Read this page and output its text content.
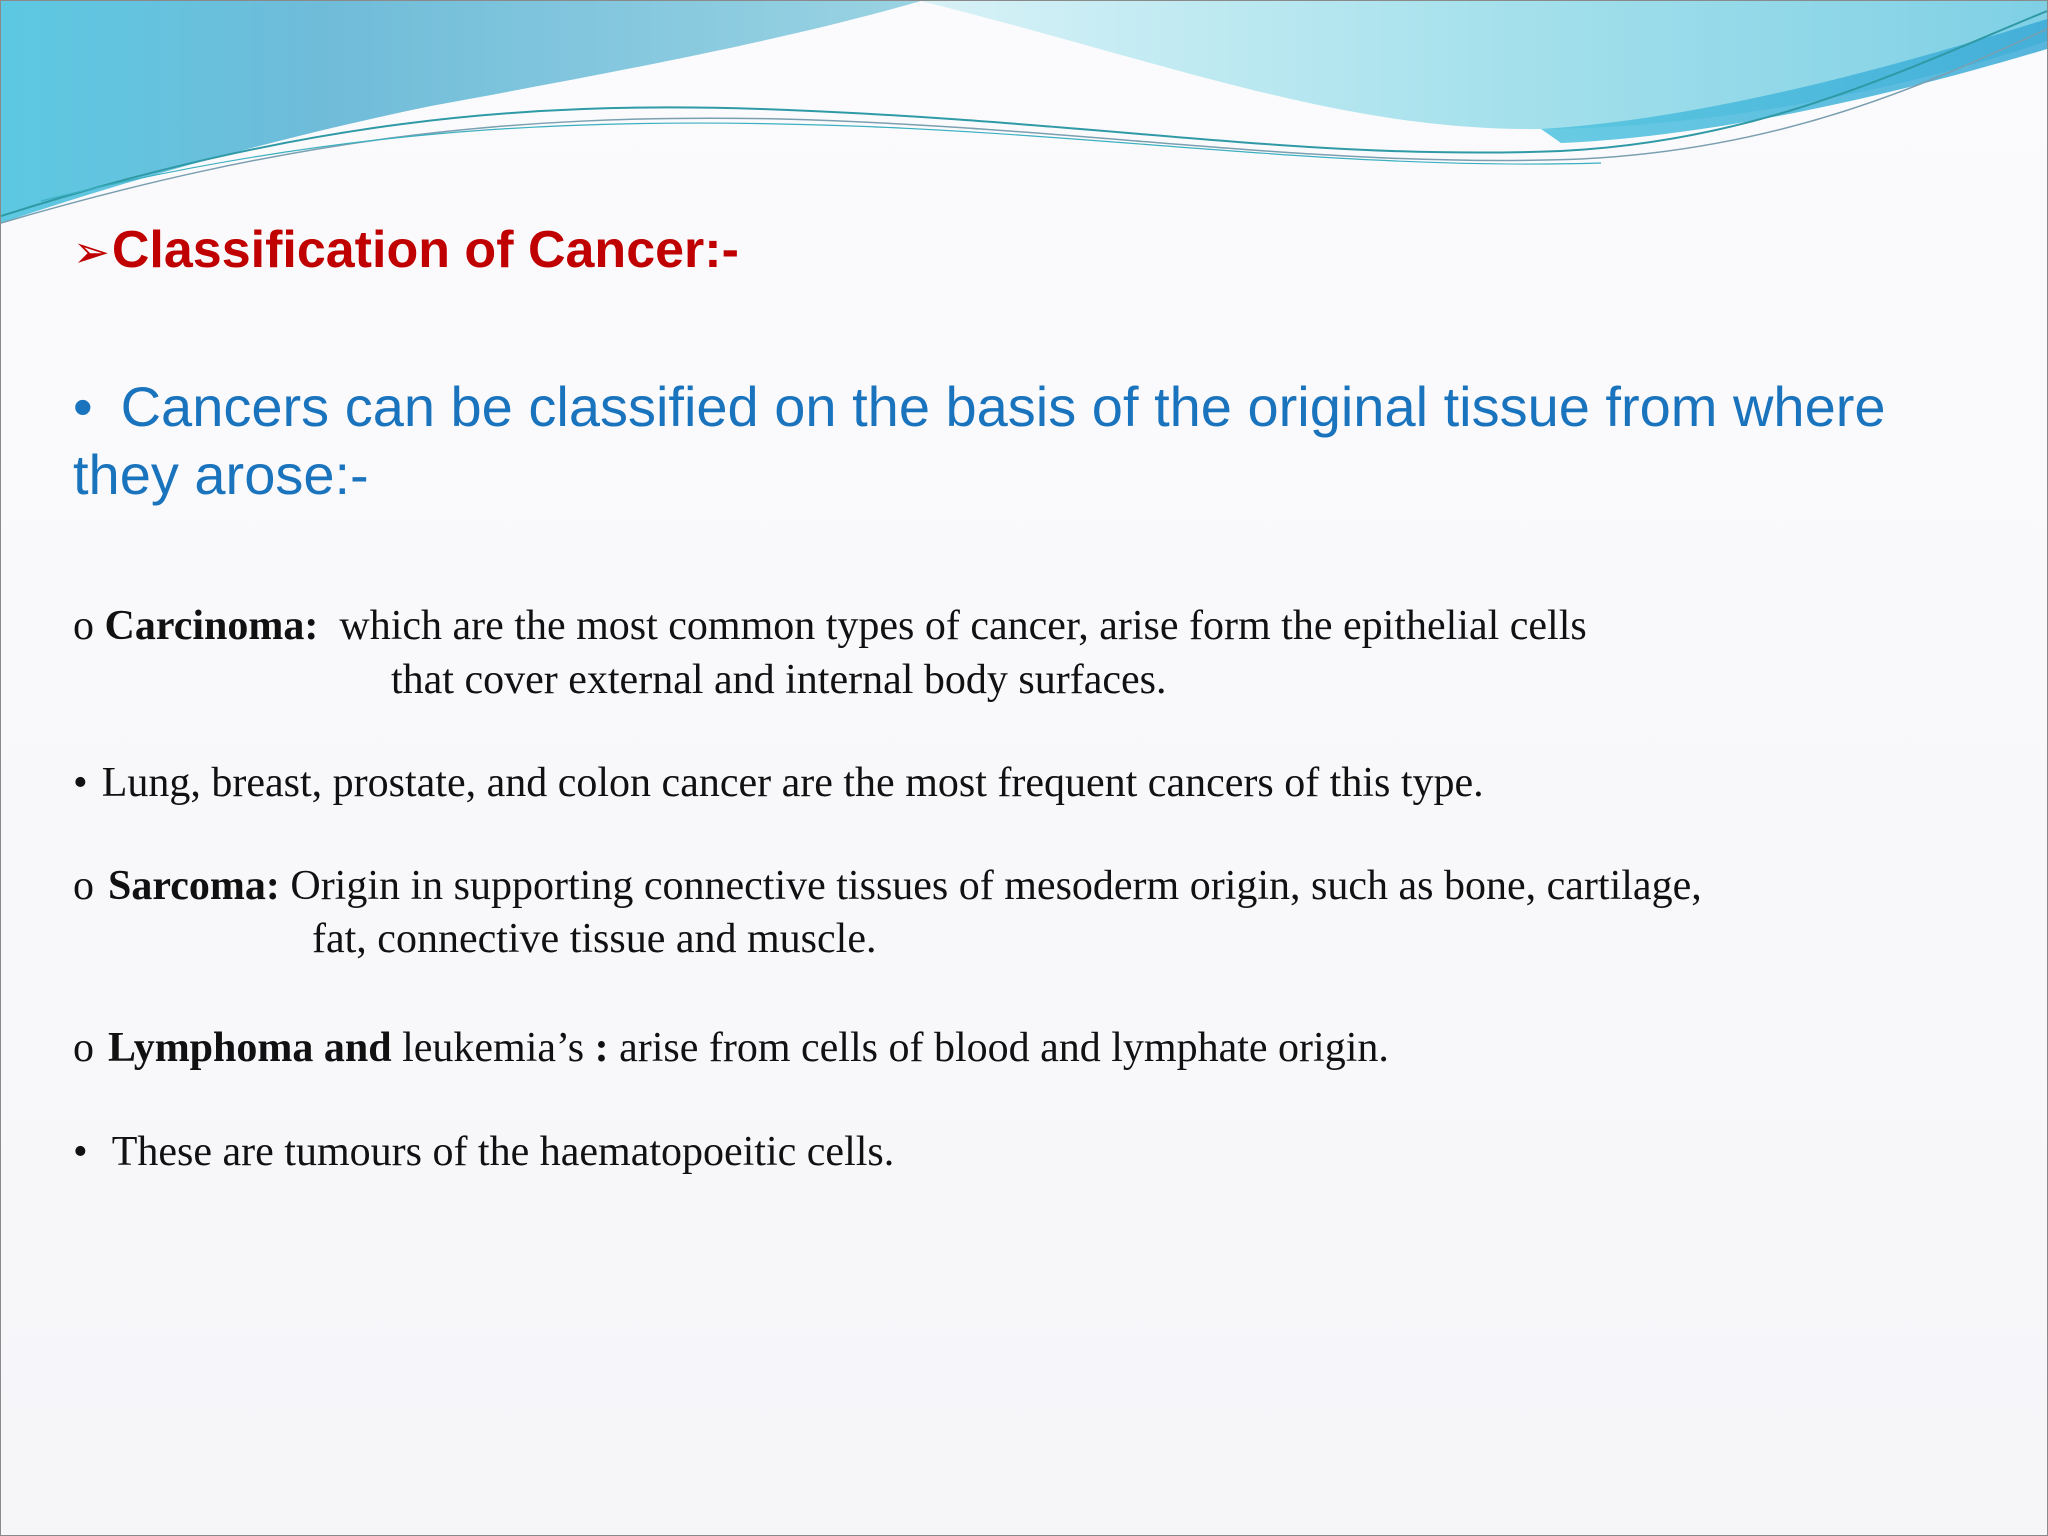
➢Classification of Cancer:-

• Cancers can be classified on the basis of the original tissue from where they arose:-

o Carcinoma: which are the most common types of cancer, arise form the epithelial cells

that cover external and internal body surfaces.

• Lung, breast, prostate, and colon cancer are the most frequent cancers of this type.

o Sarcoma: Origin in supporting connective tissues of mesoderm origin, such as bone, cartilage,

fat, connective tissue and muscle.

o Lymphoma and leukemia’s : arise from cells of blood and lymphate origin.

• These are tumours of the haematopoeitic cells.
